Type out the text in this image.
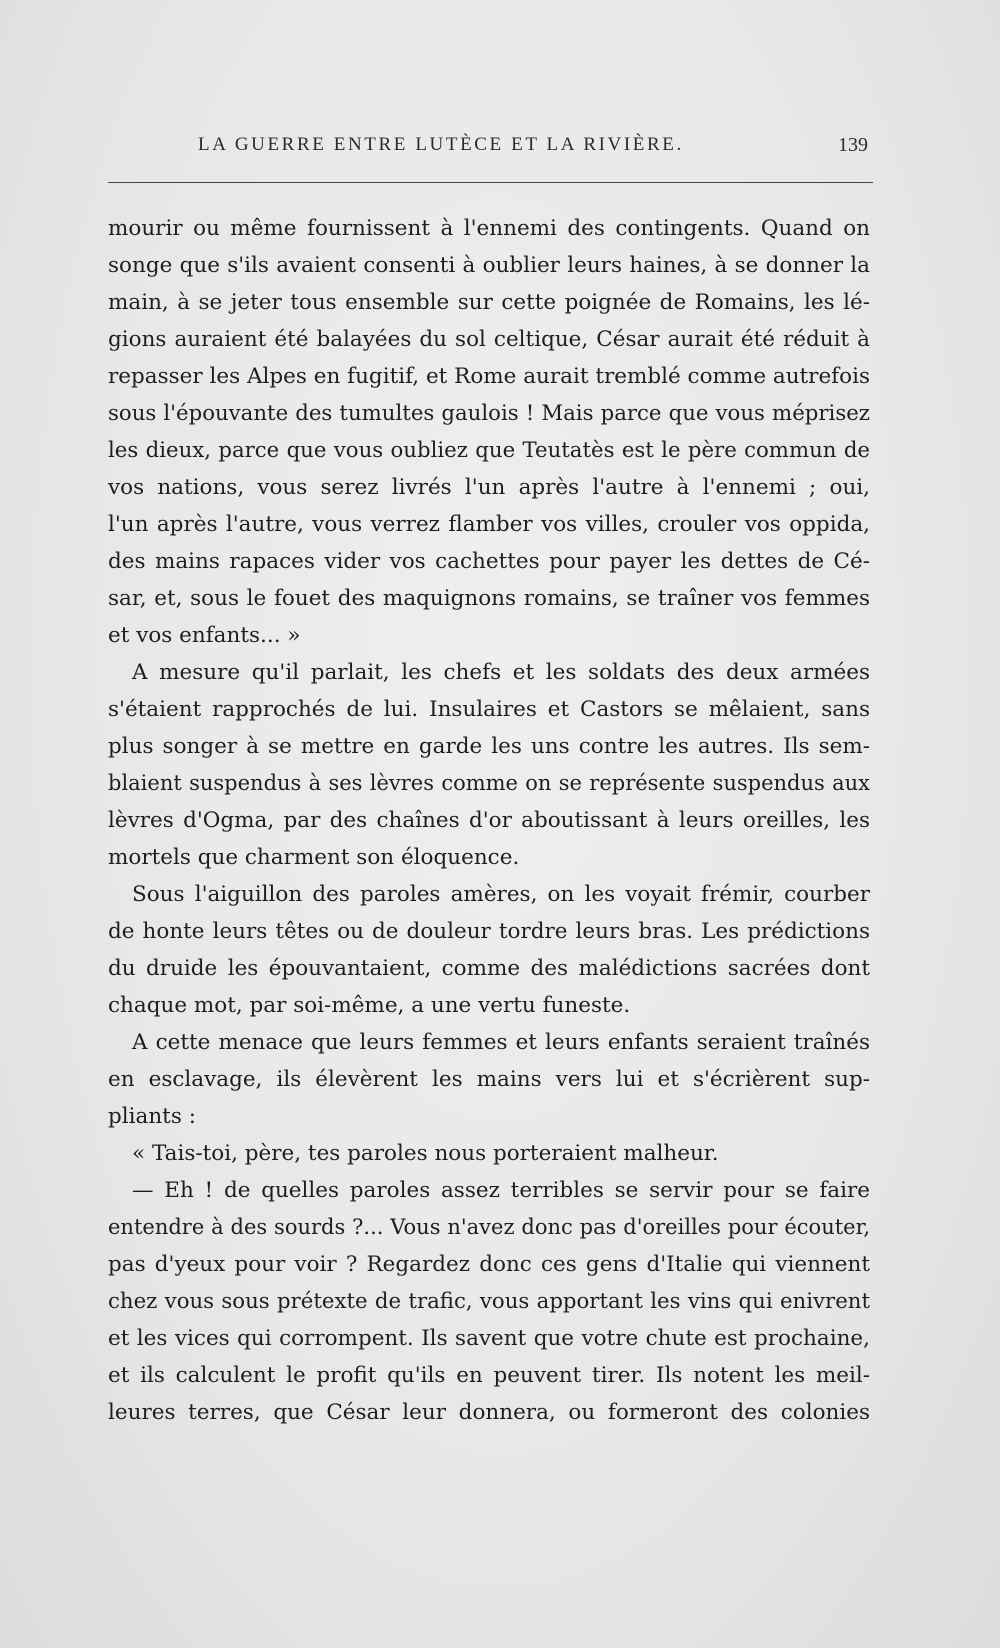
LA GUERRE ENTRE LUTÈCE ET LA RIVIÈRE.	139
mourir ou même fournissent à l'ennemi des contingents. Quand on
songe que s'ils avaient consenti à oublier leurs haines, à se donner la
main, à se jeter tous ensemble sur cette poignée de Romains, les lé-
gions auraient été balayées du sol celtique, César aurait été réduit à
repasser les Alpes en fugitif, et Rome aurait tremblé comme autrefois
sous l'épouvante des tumultes gaulois ! Mais parce que vous méprisez
les dieux, parce que vous oubliez que Teutatès est le père commun de
vos nations, vous serez livrés l'un après l'autre à l'ennemi ; oui,
l'un après l'autre, vous verrez flamber vos villes, crouler vos oppida,
des mains rapaces vider vos cachettes pour payer les dettes de Cé-
sar, et, sous le fouet des maquignons romains, se traîner vos femmes
et vos enfants... »
A mesure qu'il parlait, les chefs et les soldats des deux armées
s'étaient rapprochés de lui. Insulaires et Castors se mêlaient, sans
plus songer à se mettre en garde les uns contre les autres. Ils sem-
blaient suspendus à ses lèvres comme on se représente suspendus aux
lèvres d'Ogma, par des chaînes d'or aboutissant à leurs oreilles, les
mortels que charment son éloquence.
Sous l'aiguillon des paroles amères, on les voyait frémir, courber
de honte leurs têtes ou de douleur tordre leurs bras. Les prédictions
du druide les épouvantaient, comme des malédictions sacrées dont
chaque mot, par soi-même, a une vertu funeste.
A cette menace que leurs femmes et leurs enfants seraient traînés
en esclavage, ils élevèrent les mains vers lui et s'écrièrent sup-
pliants :
« Tais-toi, père, tes paroles nous porteraient malheur.
— Eh ! de quelles paroles assez terribles se servir pour se faire
entendre à des sourds ?... Vous n'avez donc pas d'oreilles pour écouter,
pas d'yeux pour voir ? Regardez donc ces gens d'Italie qui viennent
chez vous sous prétexte de trafic, vous apportant les vins qui enivrent
et les vices qui corrompent. Ils savent que votre chute est prochaine,
et ils calculent le profit qu'ils en peuvent tirer. Ils notent les meil-
leures terres, que César leur donnera, ou formeront des colonies
